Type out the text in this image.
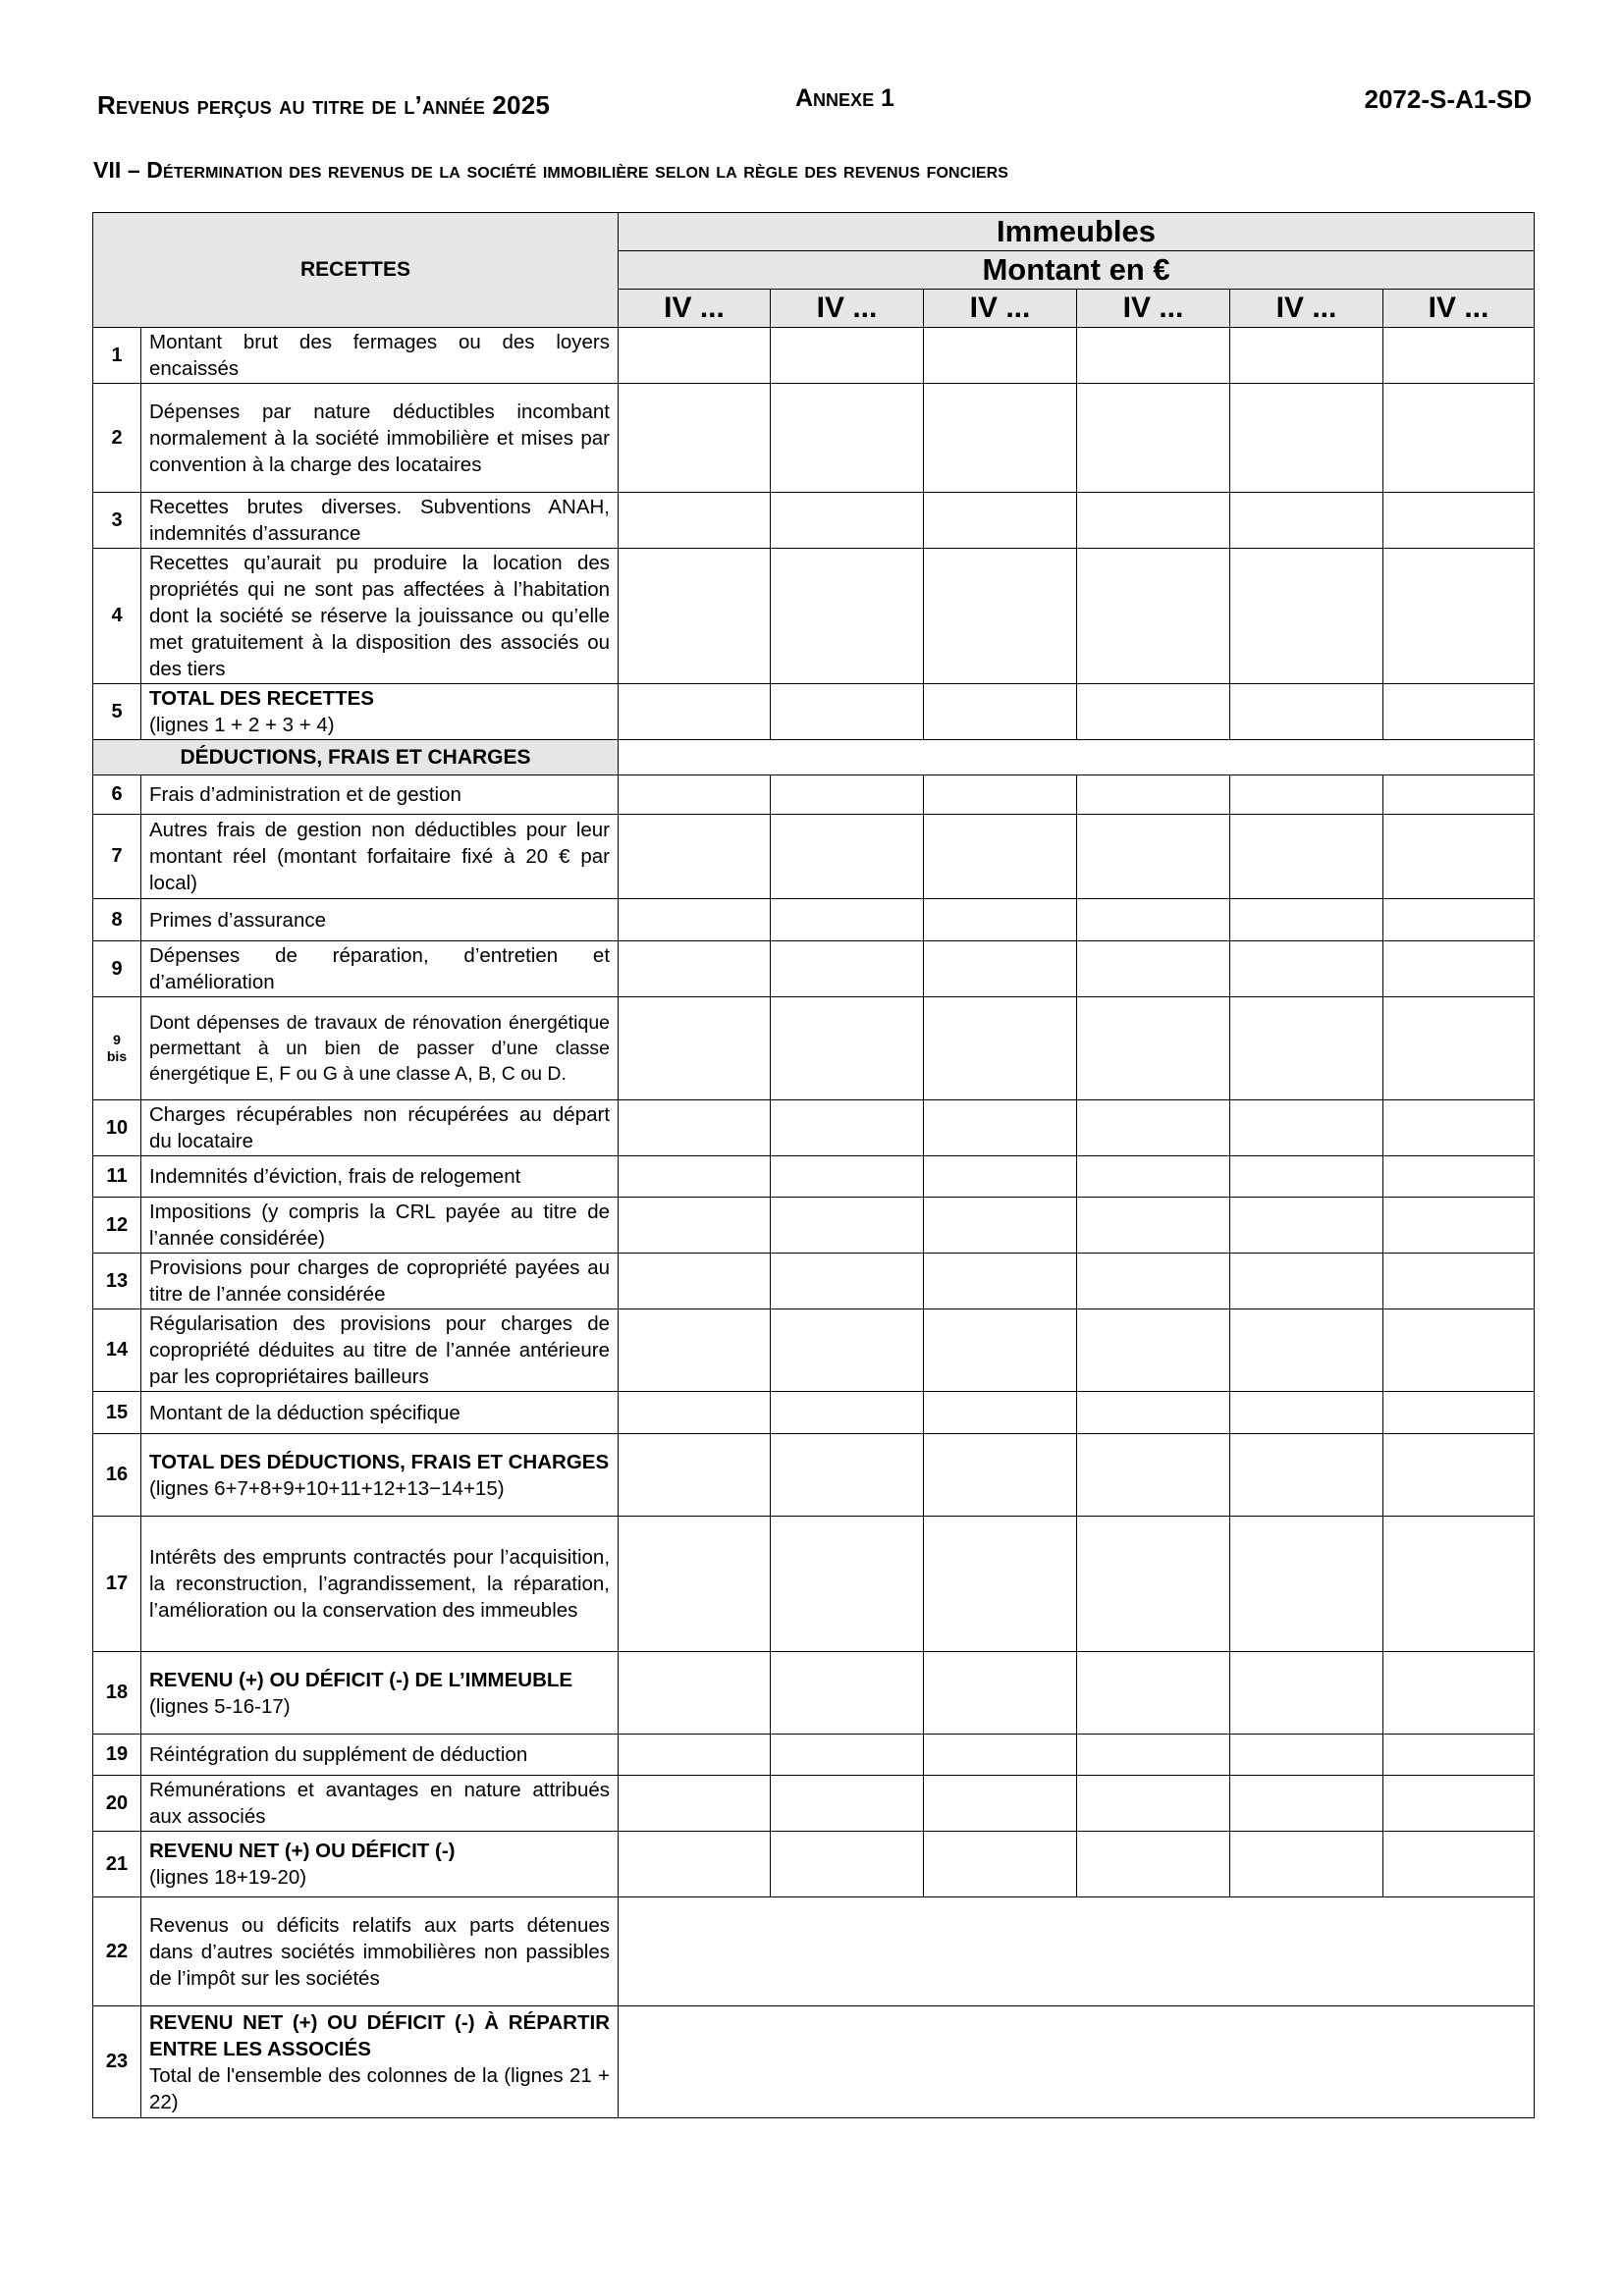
Revenus perçus au titre de l’année 2025	Annexe 1	2072-S-A1-SD
VII – Détermination des revenus de la société immobilière selon la règle des revenus fonciers
RECETTES		Immeubles					
		Montant en €					
		IV ...	IV ...	IV ...	IV ...	IV ...	IV ...
1	Montant brut des fermages ou des loyers encaissés						
2	Dépenses par nature déductibles incombant normalement à la société immobilière et mises par convention à la charge des locataires						
3	Recettes brutes diverses. Subventions ANAH, indemnités d’assurance						
4	Recettes qu’aurait pu produire la location des propriétés qui ne sont pas affectées à l’habitation dont la société se réserve la jouissance ou qu’elle met gratuitement à la disposition des associés ou des tiers						
5	TOTAL DES RECETTES
(lignes 1 + 2 + 3 + 4)						
DÉDUCTIONS, FRAIS ET CHARGES							
6	Frais d’administration et de gestion						
7	Autres frais de gestion non déductibles pour leur montant réel (montant forfaitaire fixé à 20 € par local)						
8	Primes d’assurance						
9	Dépenses de réparation, d’entretien et d’amélioration						
9
bis	Dont dépenses de travaux de rénovation énergétique permettant à un bien de passer d’une classe énergétique E, F ou G à une classe A, B, C ou D.						
10	Charges récupérables non récupérées au départ du locataire						
11	Indemnités d’éviction, frais de relogement						
12	Impositions (y compris la CRL payée au titre de l’année considérée)						
13	Provisions pour charges de copropriété payées au titre de l’année considérée						
14	Régularisation des provisions pour charges de copropriété déduites au titre de l’année antérieure par les copropriétaires bailleurs						
15	Montant de la déduction spécifique						
16	TOTAL DES DÉDUCTIONS, FRAIS ET CHARGES
(lignes 6+7+8+9+10+11+12+13−14+15)						
17	Intérêts des emprunts contractés pour l’acquisition, la reconstruction, l’agrandissement, la réparation, l’amélioration ou la conservation des immeubles						
18	REVENU (+) OU DÉFICIT (-) DE L’IMMEUBLE
(lignes 5-16-17)						
19	Réintégration du supplément de déduction						
20	Rémunérations et avantages en nature attribués aux associés						
21	REVENU NET (+) OU DÉFICIT (-)
(lignes 18+19-20)						
22	Revenus ou déficits relatifs aux parts détenues dans d’autres sociétés immobilières non passibles de l’impôt sur les sociétés						
23	REVENU NET (+) OU DÉFICIT (-) À RÉPARTIR ENTRE LES ASSOCIÉS
Total de l'ensemble des colonnes de la (lignes 21 + 22)						
